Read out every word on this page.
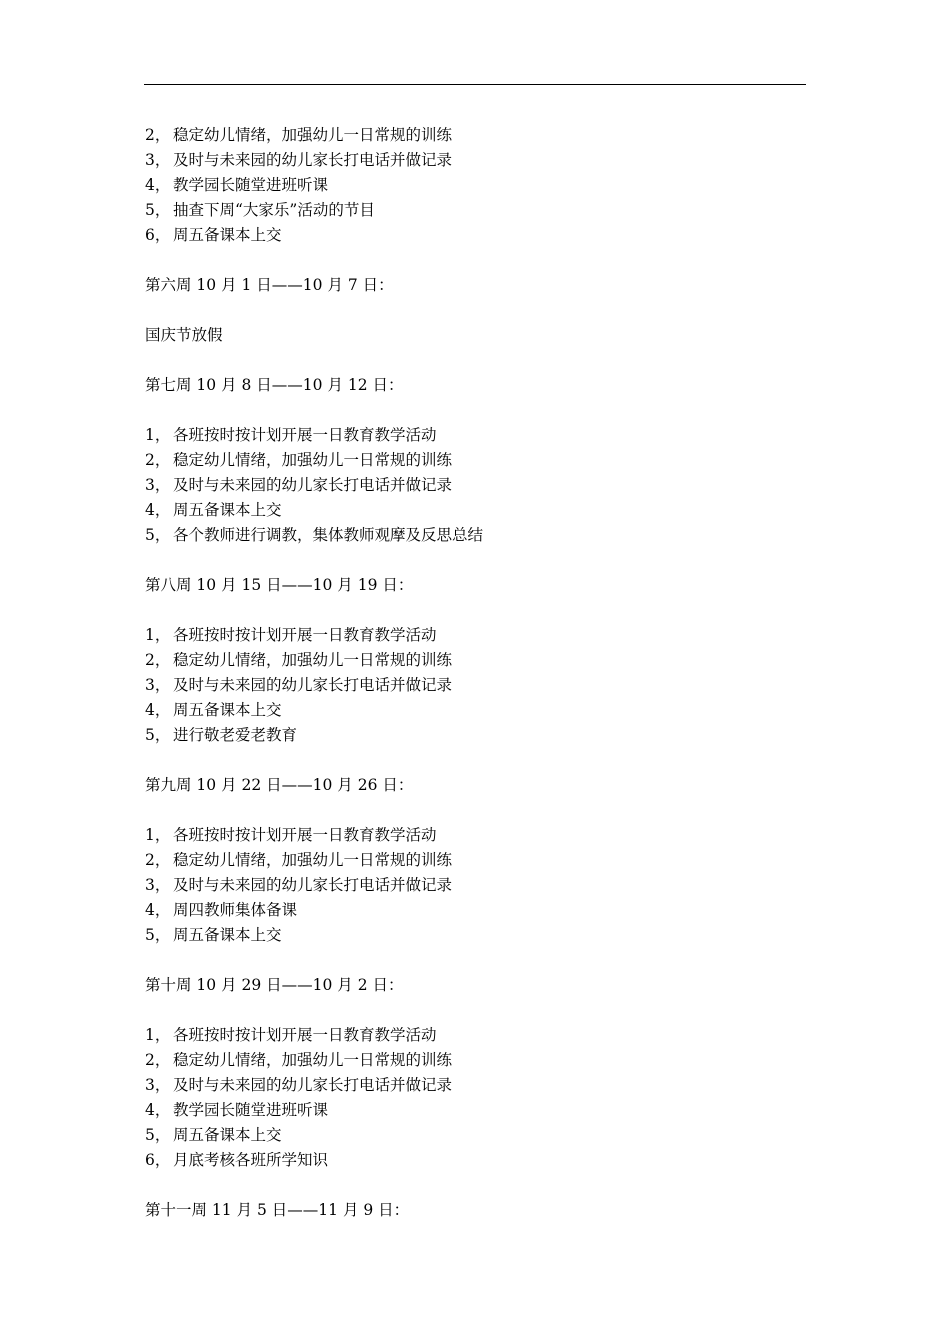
2， 稳定幼儿情绪，加强幼儿一日常规的训练
3， 及时与未来园的幼儿家长打电话并做记录
4， 教学园长随堂进班听课
5， 抽查下周“大家乐”活动的节目
6， 周五备课本上交
第六周 10 月 1 日——10 月 7 日：
国庆节放假
第七周 10 月 8 日——10 月 12 日：
1， 各班按时按计划开展一日教育教学活动
2， 稳定幼儿情绪，加强幼儿一日常规的训练
3， 及时与未来园的幼儿家长打电话并做记录
4， 周五备课本上交
5， 各个教师进行调教，集体教师观摩及反思总结
第八周 10 月 15 日——10 月 19 日：
1， 各班按时按计划开展一日教育教学活动
2， 稳定幼儿情绪，加强幼儿一日常规的训练
3， 及时与未来园的幼儿家长打电话并做记录
4， 周五备课本上交
5， 进行敬老爱老教育
第九周 10 月 22 日——10 月 26 日：
1， 各班按时按计划开展一日教育教学活动
2， 稳定幼儿情绪，加强幼儿一日常规的训练
3， 及时与未来园的幼儿家长打电话并做记录
4， 周四教师集体备课
5， 周五备课本上交
第十周 10 月 29 日——10 月 2 日：
1， 各班按时按计划开展一日教育教学活动
2， 稳定幼儿情绪，加强幼儿一日常规的训练
3， 及时与未来园的幼儿家长打电话并做记录
4， 教学园长随堂进班听课
5， 周五备课本上交
6， 月底考核各班所学知识
第十一周 11 月 5 日——11 月 9 日：
